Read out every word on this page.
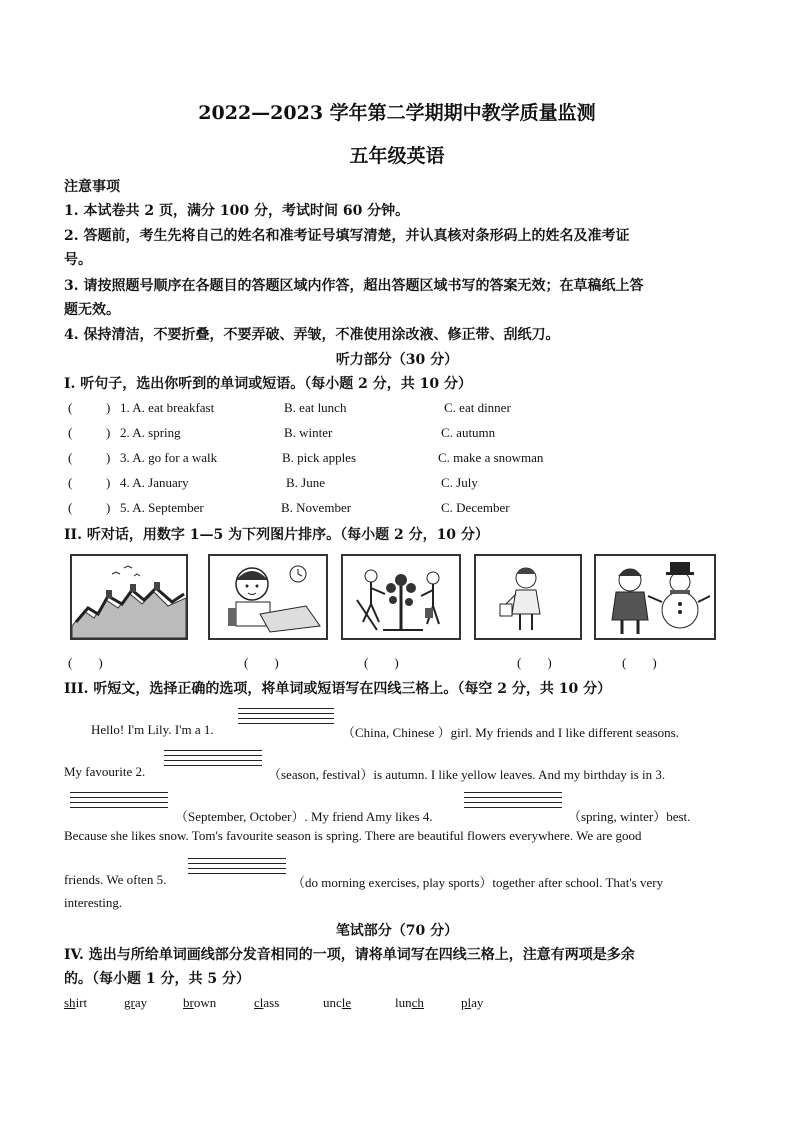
2022—2023 学年第二学期期中教学质量监测
五年级英语
注意事项
1. 本试卷共 2 页，满分 100 分，考试时间 60 分钟。
2. 答题前，考生先将自己的姓名和准考证号填写清楚，并认真核对条形码上的姓名及准考证
号。
3. 请按照题号顺序在各题目的答题区域内作答，超出答题区域书写的答案无效；在草稿纸上答
题无效。
4. 保持清洁，不要折叠，不要弄破、弄皱，不准使用涂改液、修正带、刮纸刀。
听力部分（30 分）
I. 听句子，选出你听到的单词或短语。（每小题 2 分，共 10 分）
(	) 1. A. eat breakfast	B. eat lunch	C. eat dinner
(	) 2. A. spring	B. winter	C. autumn
(	) 3. A. go for a walk	B. pick apples	C. make a snowman
(	) 4. A. January	B. June	C. July
(	) 5. A. September	B. November	C. December
II. 听对话，用数字 1—5 为下列图片排序。（每小题 2 分，10 分）
(　　)	(　　)	(　　)	(　　)	(　　)
III. 听短文，选择正确的选项，将单词或短语写在四线三格上。（每空 2 分，共 10 分）
Hello! I'm Lily. I'm a 1.	（China, Chinese ）girl. My friends and I like different seasons.
My favourite 2.	（season, festival）is autumn. I like yellow leaves. And my birthday is in 3.
（September, October）. My friend Amy likes 4.	（spring, winter）best.
Because she likes snow. Tom's favourite season is spring. There are beautiful flowers everywhere. We are good
friends. We often 5.	（do morning exercises, play sports）together after school. That's very
interesting.
笔试部分（70 分）
IV. 选出与所给单词画线部分发音相同的一项，请将单词写在四线三格上，注意有两项是多余
的。（每小题 1 分，共 5 分）
shirt	gray	brown	class	uncle	lunch	play
